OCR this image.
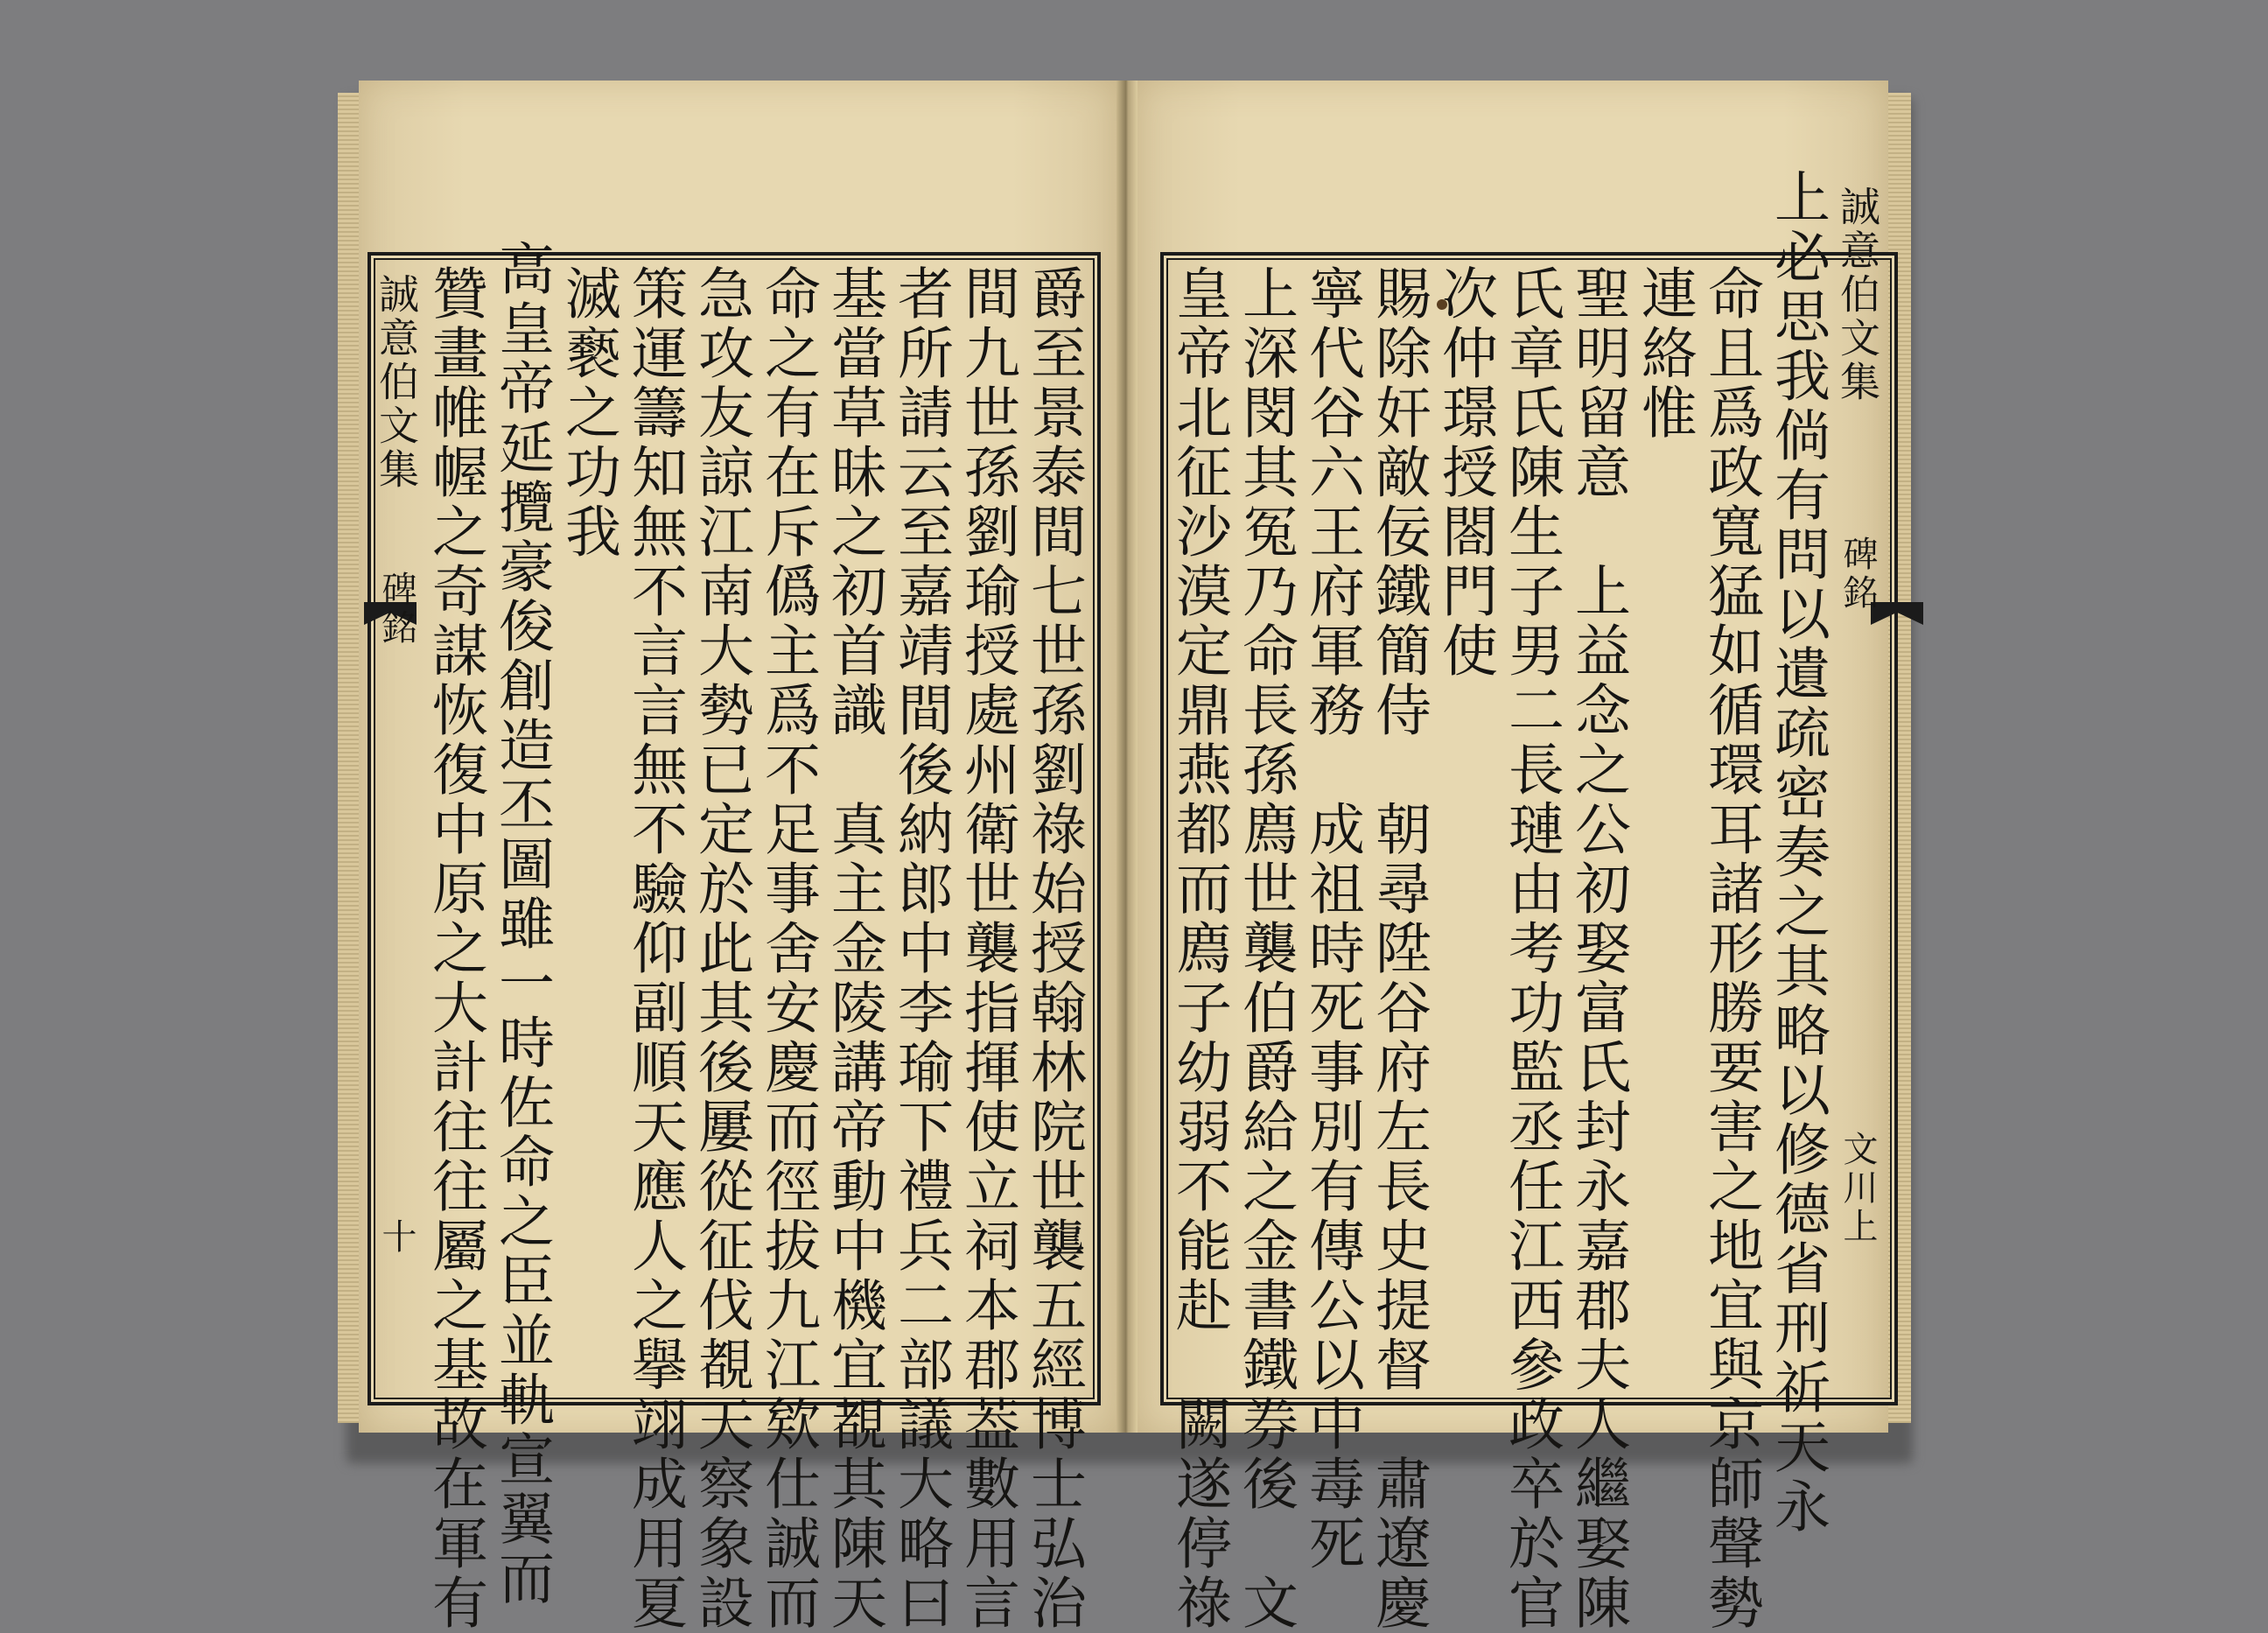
誠意伯文集
碑銘
十	爵至景泰間七世孫劉祿始授翰林院世襲五經博士弘治
間九世孫劉瑜授處州衛世襲指揮使立祠本郡葢數用言
者所請云至嘉靖間後納郎中李瑜下禮兵二部議大略曰
基當草昧之初首識　真主金陵講帝動中機宜覩其陳天
命之有在斥僞主爲不足事舍安慶而徑拔九江欸仕誠而
急攻友諒江南大勢已定於此其後屢從征伐覩天察象設
策運籌知無不言言無不驗仰副順天應人之擧翊成用夏
滅褻之功我
高皇帝延攬豪俊創造丕圖雖一時佐命之臣並軌宣翼而
贊畫帷幄之奇謀恢復中原之大計往往屬之基故在軍有	誠意伯文集
碑銘
文川上
上必思我倘有問以遺疏密奏之其略以修德省刑祈天永
命且爲政寬猛如循環耳諸形勝要害之地宜與京師聲勢
連絡惟
聖明留意　上益念之公初娶富氏封永嘉郡夫人繼娶陳
氏章氏陳生子男二長璉由考功監丞任江西參政卒於官
次仲璟授閤門使
賜除奸敵佞鐵簡侍　朝尋陞谷府左長史提督　肅遼慶
寧代谷六王府軍務　成祖時死事別有傳公以中毒死
上深閔其冤乃命長孫廌世襲伯爵給之金書鐵券後　文
皇帝北征沙漠定鼎燕都而廌子幼弱不能赴　闕遂停祿
